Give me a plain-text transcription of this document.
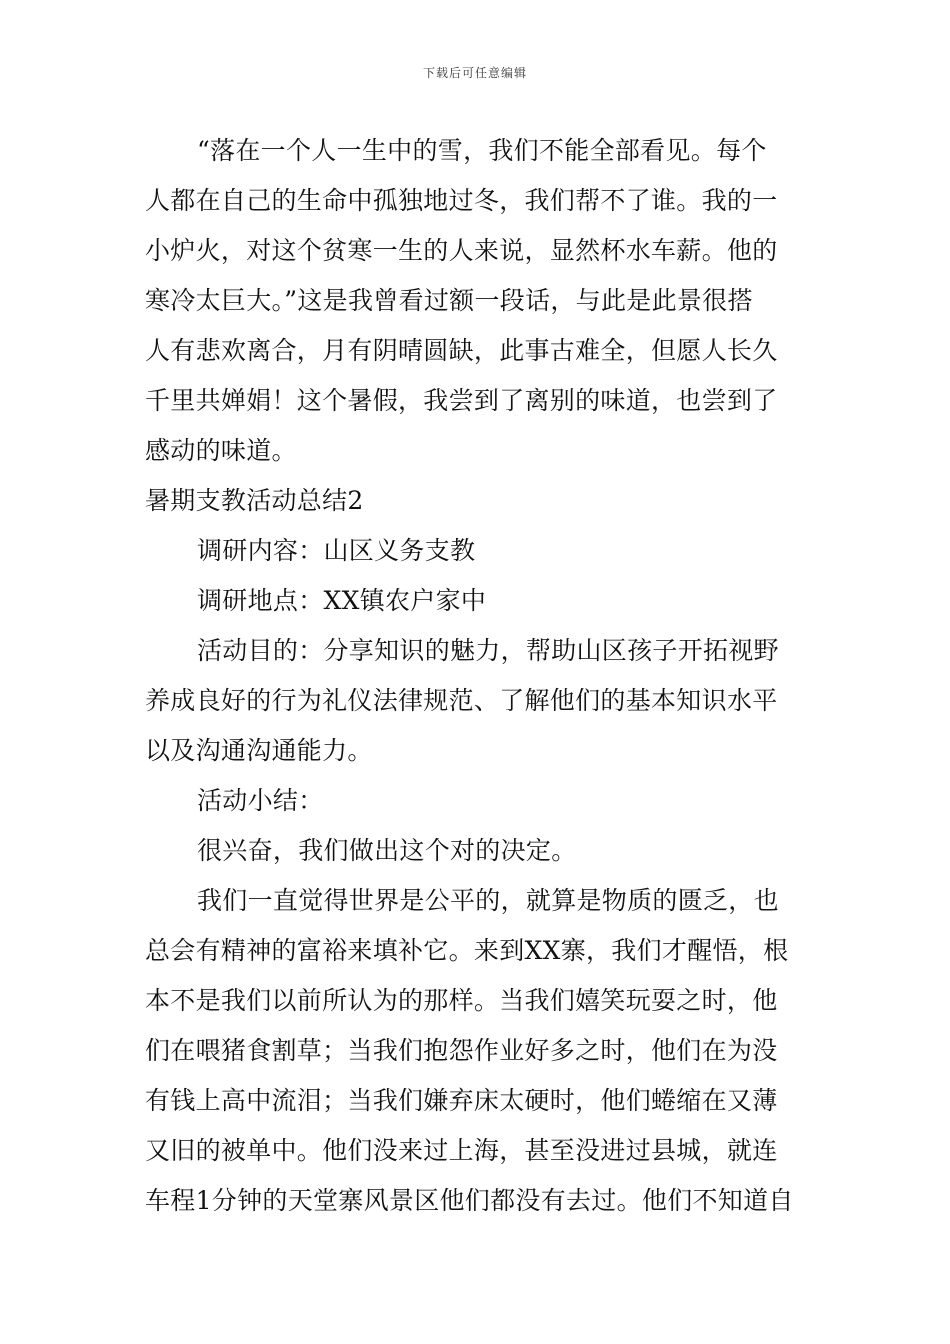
下载后可任意编辑
“落在一个人一生中的雪，我们不能全部看见。每个
人都在自己的生命中孤独地过冬，我们帮不了谁。我的一
小炉火，对这个贫寒一生的人来说，显然杯水车薪。他的
寒冷太巨大。”这是我曾看过额一段话，与此是此景很搭
人有悲欢离合，月有阴晴圆缺，此事古难全，但愿人长久
千里共婵娟！这个暑假，我尝到了离别的味道，也尝到了
感动的味道。
暑期支教活动总结2
调研内容：山区义务支教
调研地点：XX镇农户家中
活动目的：分享知识的魅力，帮助山区孩子开拓视野
养成良好的行为礼仪法律规范、了解他们的基本知识水平
以及沟通沟通能力。
活动小结：
很兴奋，我们做出这个对的决定。
我们一直觉得世界是公平的，就算是物质的匮乏，也
总会有精神的富裕来填补它。来到XX寨，我们才醒悟，根
本不是我们以前所认为的那样。当我们嬉笑玩耍之时，他
们在喂猪食割草；当我们抱怨作业好多之时，他们在为没
有钱上高中流泪；当我们嫌弃床太硬时，他们蜷缩在又薄
又旧的被单中。他们没来过上海，甚至没进过县城，就连
车程1分钟的天堂寨风景区他们都没有去过。他们不知道自
